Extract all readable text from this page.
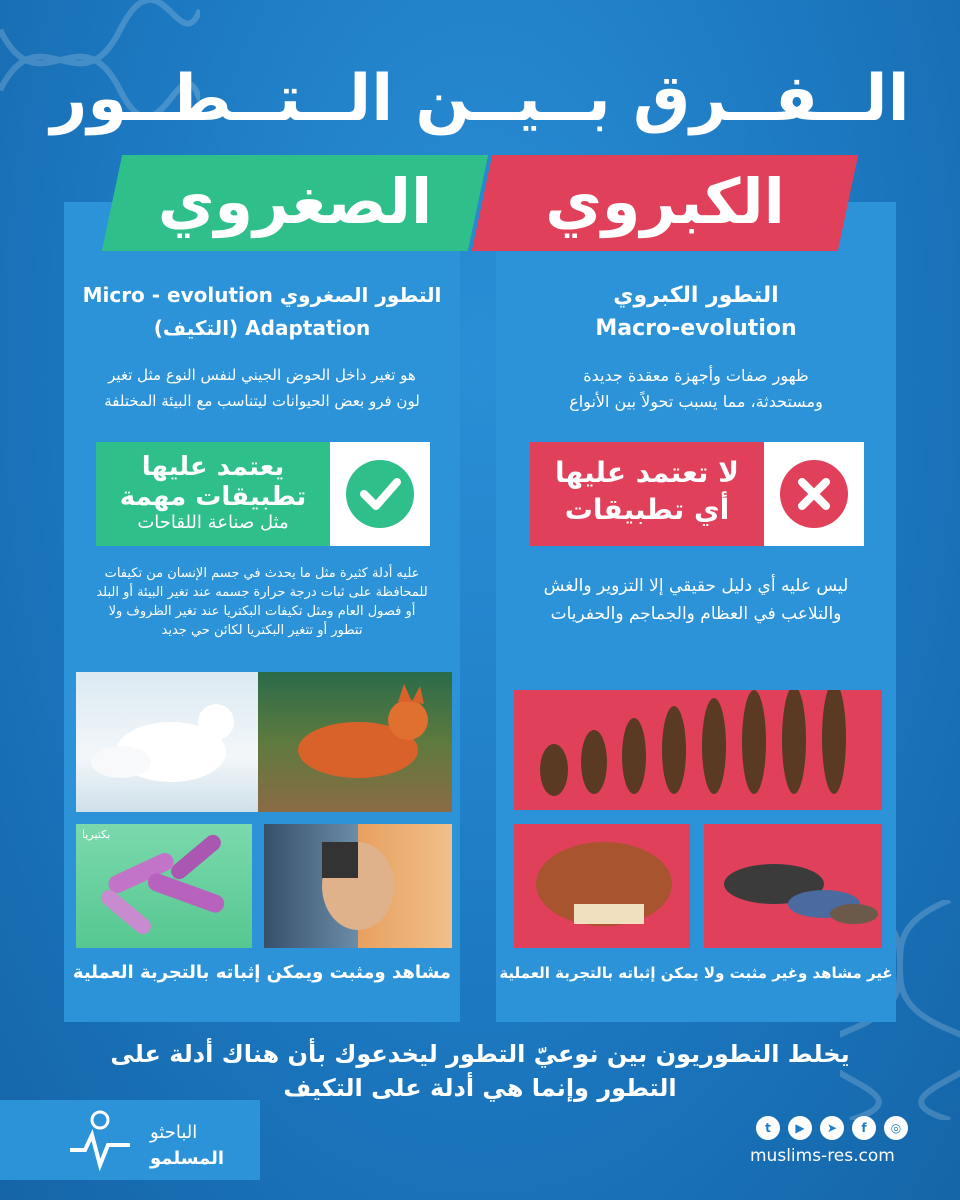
الــفــرق بــيــن الــتــطــور
الكبروي
الصغروي
التطور الصغروي Micro - evolution
Adaptation (التكيف)
هو تغير داخل الحوض الجيني لنفس النوع مثل تغير
لون فرو بعض الحيوانات ليتناسب مع البيئة المختلفة
يعتمد عليها
تطبيقات مهمة
مثل صناعة اللقاحات
عليه أدلة كثيرة مثل ما يحدث في جسم الإنسان من تكيفات
للمحافظة على ثبات درجة حرارة جسمه عند تغير البيئة أو البلد
أو فصول العام ومثل تكيفات البكتريا عند تغير الظروف ولا
تتطور أو تتغير البكتريا لكائن حي جديد
بكتيريا
مشاهد ومثبت ويمكن إثباته بالتجربة العملية
التطور الكبروي
Macro-evolution
ظهور صفات وأجهزة معقدة جديدة
ومستحدثة، مما يسبب تحولاً بين الأنواع
لا تعتمد عليها
أي تطبيقات
ليس عليه أي دليل حقيقي إلا التزوير والغش
والتلاعب في العظام والجماجم والحفريات
غير مشاهد وغير مثبت ولا يمكن إثباته بالتجربة العملية
يخلط التطوريون بين نوعيّ التطور ليخدعوك بأن هناك أدلة على
التطور وإنما هي أدلة على التكيف
الباحثو
المسلمو
t	▶	➤	f	◎
muslims-res.com
